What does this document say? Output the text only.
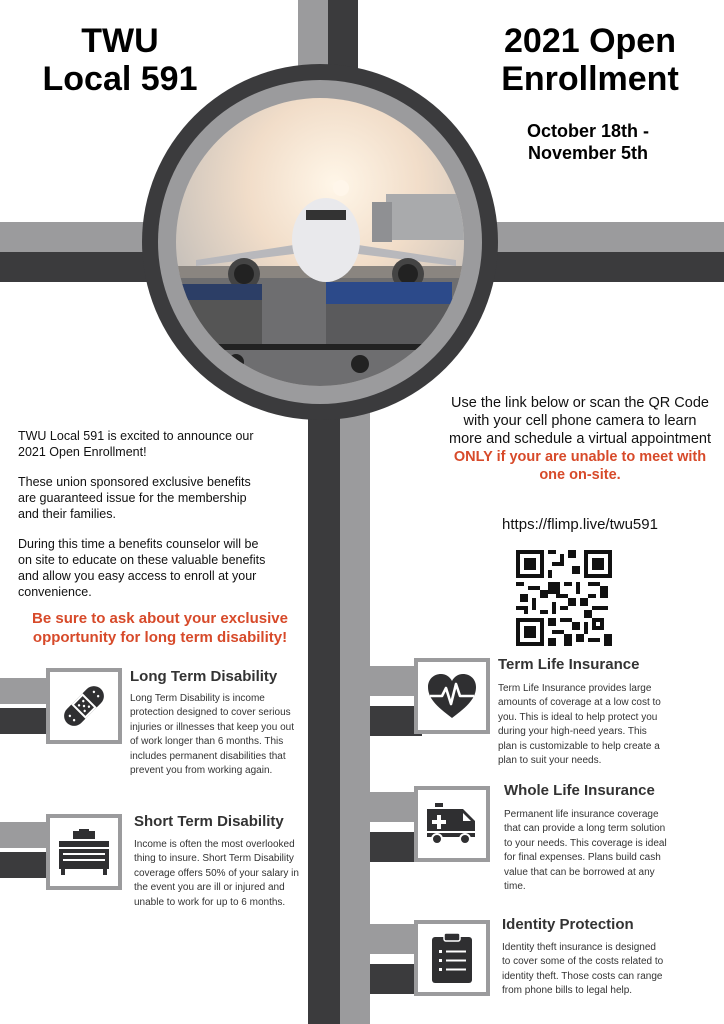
TWU
Local 591
2021 Open
Enrollment
October 18th -
November 5th

TWU Local 591 is excited to announce our 2021 Open Enrollment!

These union sponsored exclusive benefits are guaranteed issue for the membership and their families.

During this time a benefits counselor will be on site to educate on these valuable benefits and allow you easy access to enroll at your convenience.

Be sure to ask about your exclusive opportunity for long term disability!
Use the link below or scan the QR Code with your cell phone camera to learn more and schedule a virtual appointment
ONLY if your are unable to meet with one on-site.
https://flimp.live/twu591
Long Term Disability
Long Term Disability is income protection designed to cover serious injuries or illnesses that keep you out of work longer than 6 months. This includes permanent disabilities that prevent you from working again.
Short Term Disability
Income is often the most overlooked thing to insure. Short Term Disability coverage offers 50% of your salary in the event you are ill or injured and unable to work for up to 6 months.
Term Life Insurance
Term Life Insurance provides large amounts of coverage at a low cost to you. This is ideal to help protect you during your high-need years. This plan is customizable to help create a plan to suit your needs.
Whole Life Insurance
Permanent life insurance coverage that can provide a long term solution to your needs. This coverage is ideal for final expenses. Plans build cash value that can be borrowed at any time.
Identity Protection
Identity theft insurance is designed to cover some of the costs related to identity theft. Those costs can range from phone bills to legal help.
